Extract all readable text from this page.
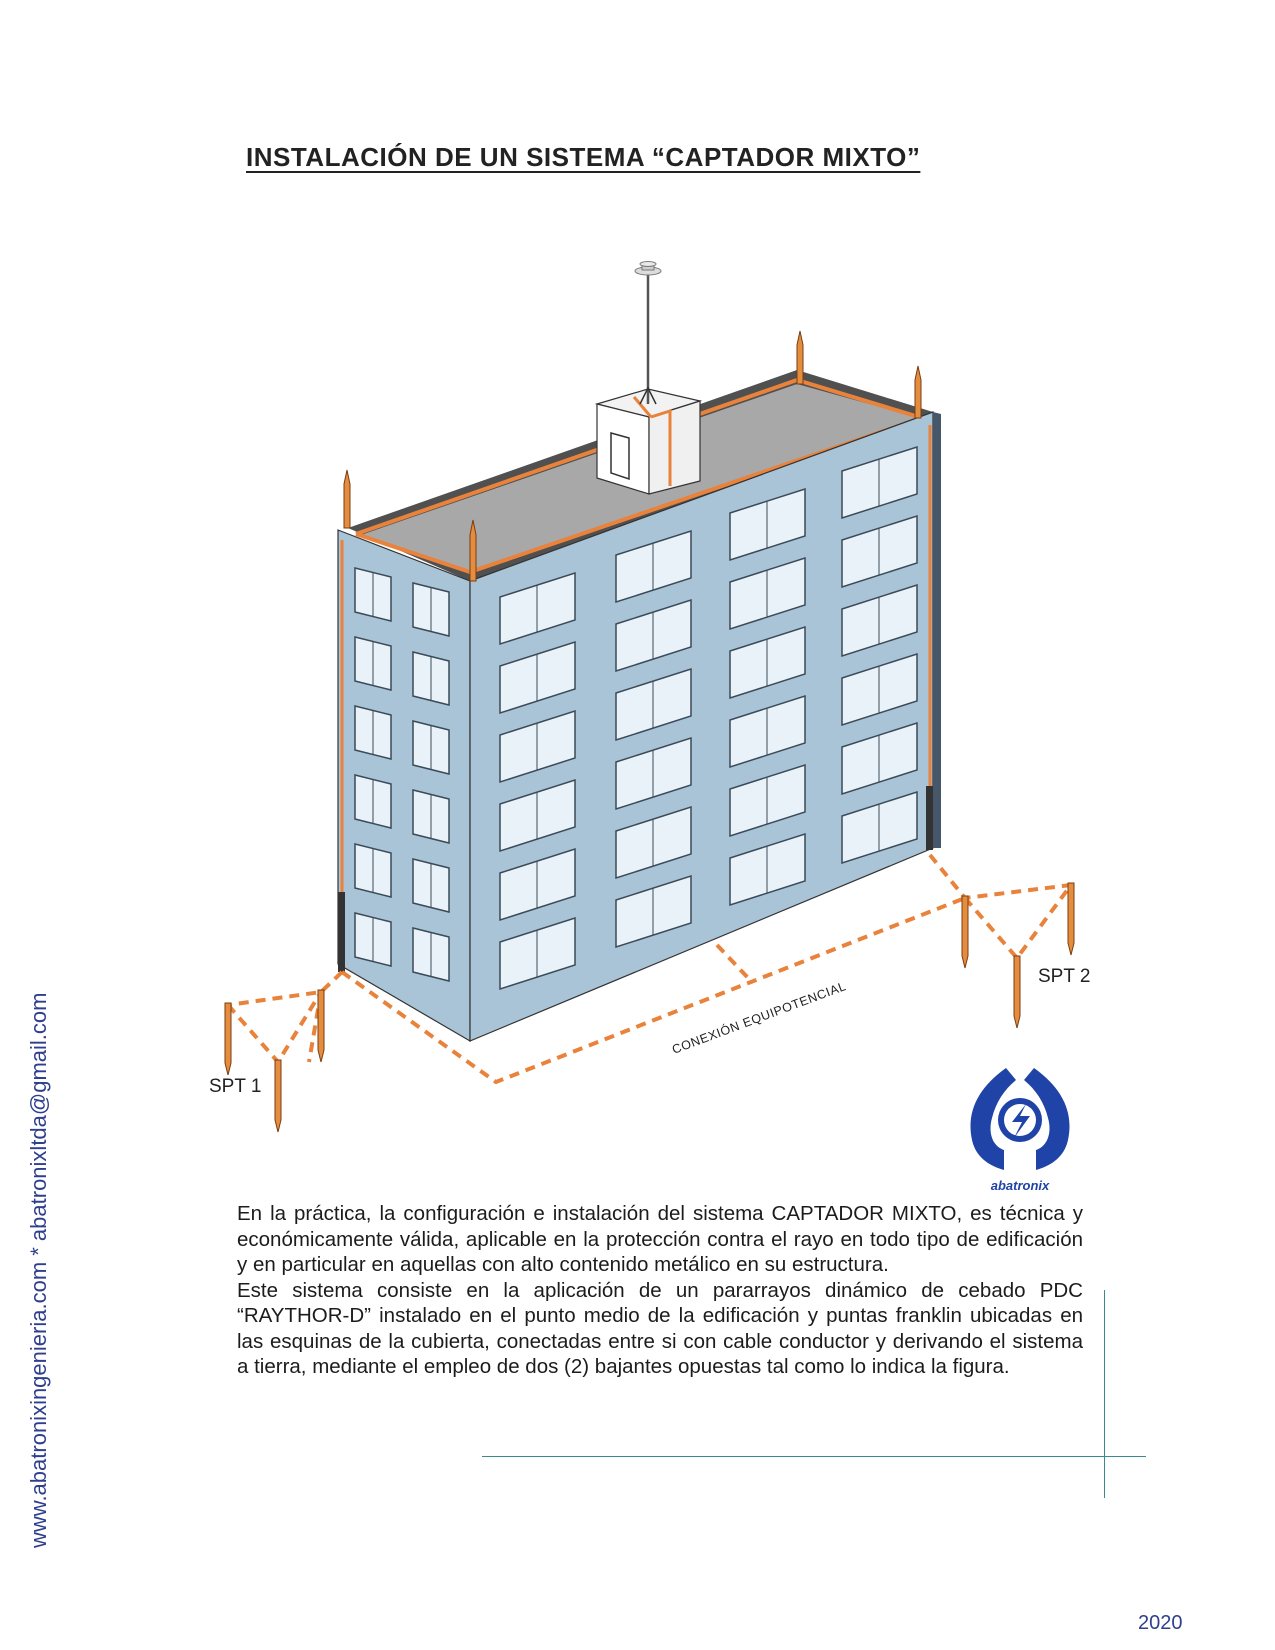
INSTALACIÓN DE UN SISTEMA “CAPTADOR MIXTO”
www.abatronixingenieria.com * abatronixltda@gmail.com	SPT 1
SPT 2
CONEXIÓN EQUIPOTENCIAL
abatronix

En la práctica, la configuración e instalación del sistema CAPTADOR MIXTO, es técnica y económicamente válida, aplicable en la protección contra el rayo en todo tipo de edificación y en particular en aquellas con alto contenido metálico en su estructura.

Este sistema consiste en la aplicación de un pararrayos dinámico de cebado PDC “RAYTHOR-D” instalado en el punto medio de la edificación y puntas franklin ubicadas en las esquinas de la cubierta, conectadas entre si con cable conductor y derivando el sistema a tierra, mediante el empleo de dos (2) bajantes opuestas tal como lo indica la figura.

2020
